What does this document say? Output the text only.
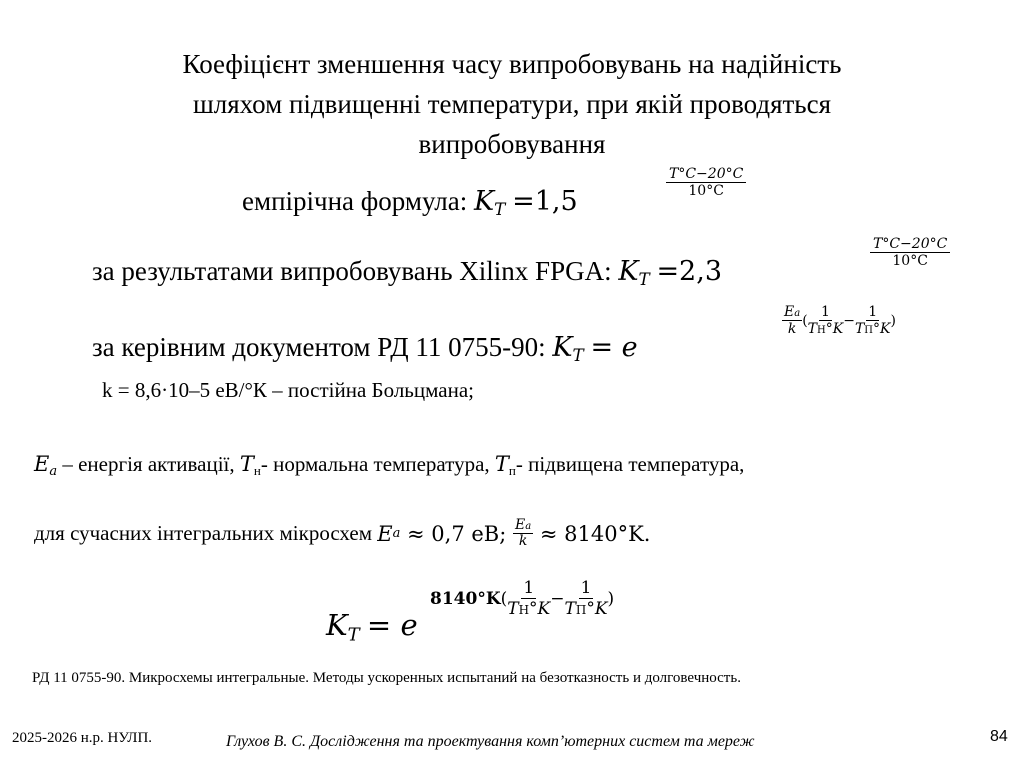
Коефіцієнт зменшення часу випробовувань на надійність
шляхом підвищенні температури, при якій проводяться
випробовування
емпірічна формула: KT =1,5
T°C−20°C
10°C
за результатами випробовувань Xilinx FPGA: KT =2,3
T°C−20°C
10°C
за керівним документом РД 11 0755-90: KT = e
Ea
k
(
1
TН°K
−
1
TП°K
)
k = 8,6·10–5 еВ/°К – постійна Больцмана;
Ea – енергія активації, $T_н-$ нормальна температура, $T_п-$ підвищена температура,
для сучасних інтегральних мікросхем E a ≈ 0,7 еВ; $\frac{Ea}{k} \approx 8140^\circ K$.
KT = e
8140°K (
1
TН°K
−
1
TП°K
)
РД 11 0755-90. Микросхемы интегральные. Методы ускоренных испытаний на безотказность и долговечность.
2025-2026 н.р. НУЛП.	Глухов В. С. Дослідження та проектування комп’ютерних систем та мереж	84
